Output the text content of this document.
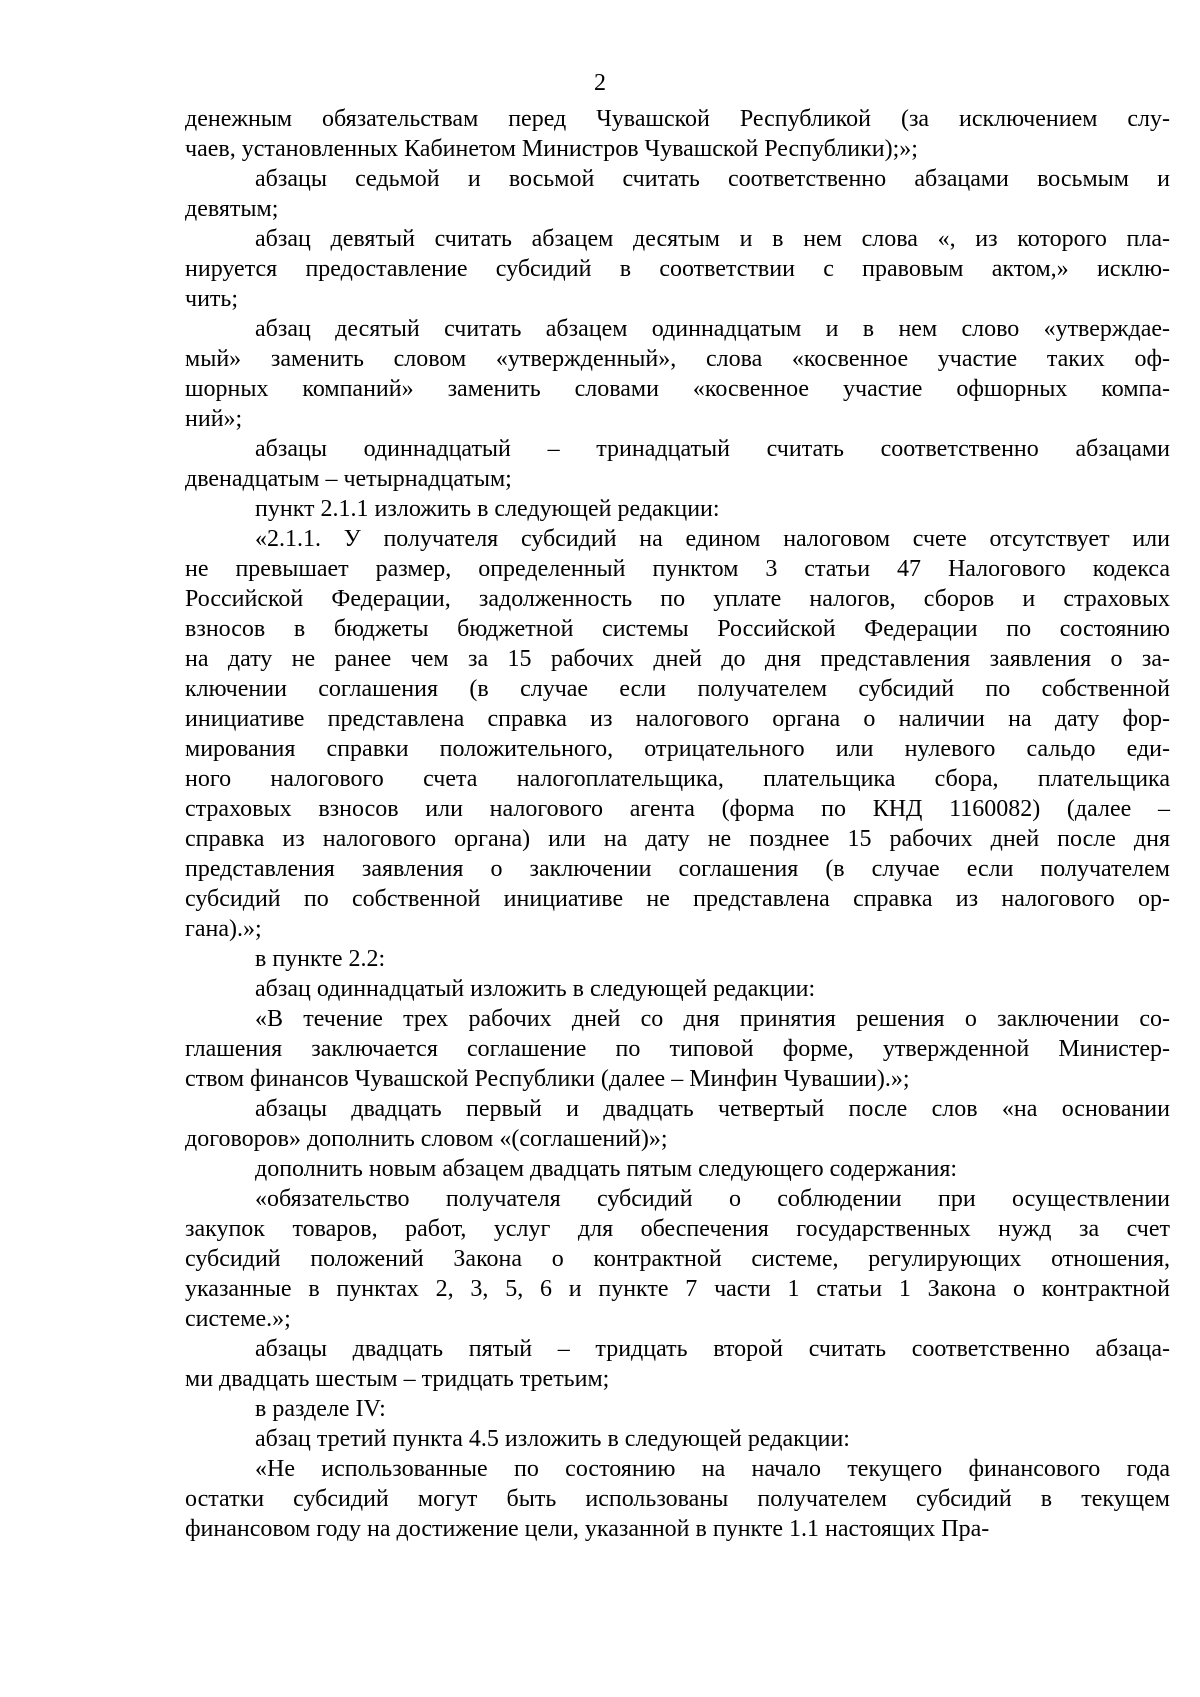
2
денежным обязательствам перед Чувашской Республикой (за исключением слу-
чаев, установленных Кабинетом Министров Чувашской Республики);»;
абзацы седьмой и восьмой считать соответственно абзацами восьмым и
девятым;
абзац девятый считать абзацем десятым и в нем слова «, из которого пла-
нируется предоставление субсидий в соответствии с правовым актом,» исклю-
чить;
абзац десятый считать абзацем одиннадцатым и в нем слово «утверждае-
мый» заменить словом «утвержденный», слова «косвенное участие таких оф-
шорных компаний» заменить словами «косвенное участие офшорных компа-
ний»;
абзацы одиннадцатый – тринадцатый считать соответственно абзацами
двенадцатым – четырнадцатым;
пункт 2.1.1 изложить в следующей редакции:
«2.1.1. У получателя субсидий на едином налоговом счете отсутствует или
не превышает размер, определенный пунктом 3 статьи 47 Налогового кодекса
Российской Федерации, задолженность по уплате налогов, сборов и страховых
взносов в бюджеты бюджетной системы Российской Федерации по состоянию
на дату не ранее чем за 15 рабочих дней до дня представления заявления о за-
ключении соглашения (в случае если получателем субсидий по собственной
инициативе представлена справка из налогового органа о наличии на дату фор-
мирования справки положительного, отрицательного или нулевого сальдо еди-
ного налогового счета налогоплательщика, плательщика сбора, плательщика
страховых взносов или налогового агента (форма по КНД 1160082) (далее –
справка из налогового органа) или на дату не позднее 15 рабочих дней после дня
представления заявления о заключении соглашения (в случае если получателем
субсидий по собственной инициативе не представлена справка из налогового ор-
гана).»;
в пункте 2.2:
абзац одиннадцатый изложить в следующей редакции:
«В течение трех рабочих дней со дня принятия решения о заключении со-
глашения заключается соглашение по типовой форме, утвержденной Министер-
ством финансов Чувашской Республики (далее – Минфин Чувашии).»;
абзацы двадцать первый и двадцать четвертый после слов «на основании
договоров» дополнить словом «(соглашений)»;
дополнить новым абзацем двадцать пятым следующего содержания:
«обязательство получателя субсидий о соблюдении при осуществлении
закупок товаров, работ, услуг для обеспечения государственных нужд за счет
субсидий положений Закона о контрактной системе, регулирующих отношения,
указанные в пунктах 2, 3, 5, 6 и пункте 7 части 1 статьи 1 Закона о контрактной
системе.»;
абзацы двадцать пятый – тридцать второй считать соответственно абзаца-
ми двадцать шестым – тридцать третьим;
в разделе IV:
абзац третий пункта 4.5 изложить в следующей редакции:
«Не использованные по состоянию на начало текущего финансового года
остатки субсидий могут быть использованы получателем субсидий в текущем
финансовом году на достижение цели, указанной в пункте 1.1 настоящих Пра-
